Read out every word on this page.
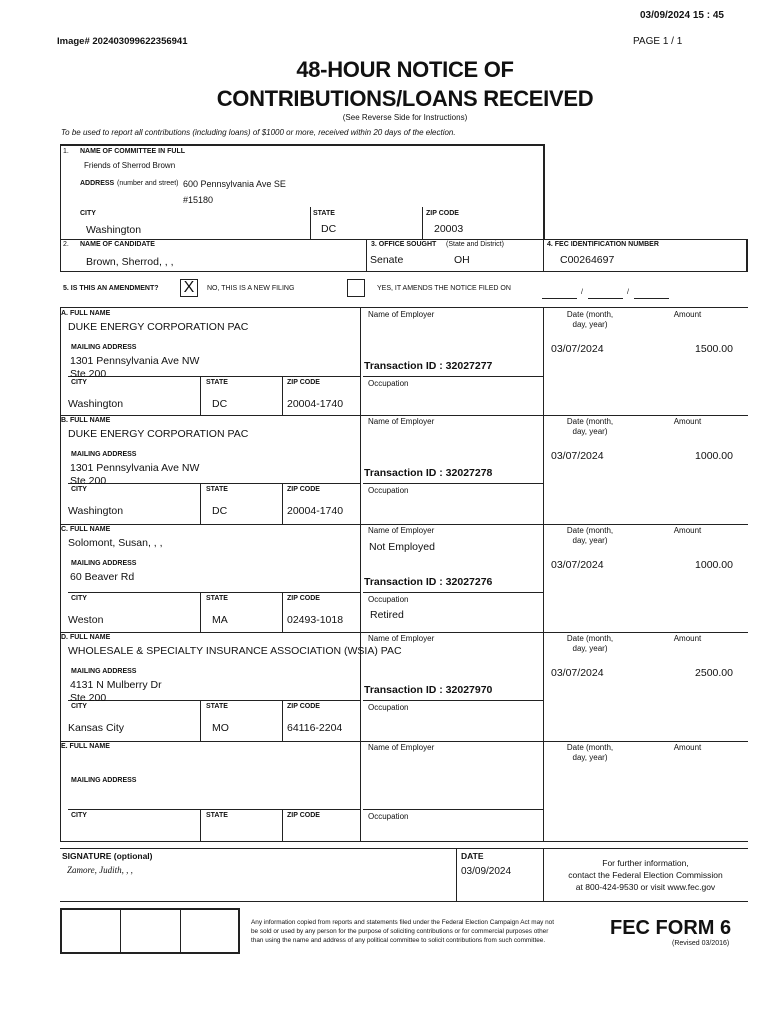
03/09/2024 15 : 45
Image# 202403099622356941	PAGE 1 / 1
48-HOUR NOTICE OF
CONTRIBUTIONS/LOANS RECEIVED
(See Reverse Side for Instructions)
To be used to report all contributions (including loans) of $1000 or more, received within 20 days of the election.
1. NAME OF COMMITTEE IN FULL
Friends of Sherrod Brown
ADDRESS (number and street) 600 Pennsylvania Ave SE
#15180
CITY
Washington
STATE
DC
ZIP CODE
20003
2. NAME OF CANDIDATE
Brown, Sherrod, , ,
3. OFFICE SOUGHT (State and District)
Senate	OH
4. FEC IDENTIFICATION NUMBER
C00264697
5. IS THIS AN AMENDMENT? X	NO, THIS IS A NEW FILING	YES, IT AMENDS THE NOTICE FILED ON
/	/
A. FULL NAME
DUKE ENERGY CORPORATION PAC
MAILING ADDRESS
1301 Pennsylvania Ave NW
Ste 200
CITY
Washington
STATE
DC
ZIP CODE
20004-1740
Name of Employer
Transaction ID : 32027277
Occupation
Date (month,
day, year)
Amount
03/07/2024	1500.00
B. FULL NAME
DUKE ENERGY CORPORATION PAC
MAILING ADDRESS
1301 Pennsylvania Ave NW
Ste 200
CITY
Washington
STATE
DC
ZIP CODE
20004-1740
Name of Employer
Transaction ID : 32027278
Occupation
Date (month,
day, year)
Amount
03/07/2024	1000.00
C. FULL NAME
Solomont, Susan, , ,
MAILING ADDRESS
60 Beaver Rd
CITY
Weston
STATE
MA
ZIP CODE
02493-1018
Name of Employer
Not Employed
Transaction ID : 32027276
Occupation
Retired
Date (month,
day, year)
Amount
03/07/2024	1000.00
D. FULL NAME
WHOLESALE & SPECIALTY INSURANCE ASSOCIATION (WSIA) PAC
MAILING ADDRESS
4131 N Mulberry Dr
Ste 200
CITY
Kansas City
STATE
MO
ZIP CODE
64116-2204
Name of Employer
Transaction ID : 32027970
Occupation
Date (month,
day, year)
Amount
03/07/2024	2500.00
E. FULL NAME
MAILING ADDRESS
CITY	STATE	ZIP CODE
Name of Employer
Occupation
Date (month,
day, year)
Amount
SIGNATURE (optional)
Zamore, Judith, , ,
DATE
03/09/2024
For further information,
contact the Federal Election Commission
at 800-424-9530 or visit www.fec.gov
Any information copied from reports and statements filed under the Federal Election Campaign Act may not
be sold or used by any person for the purpose of soliciting contributions or for commercial purposes other
than using the name and address of any political committee to solicit contributions from such committee.
FEC FORM 6
(Revised 03/2016)
